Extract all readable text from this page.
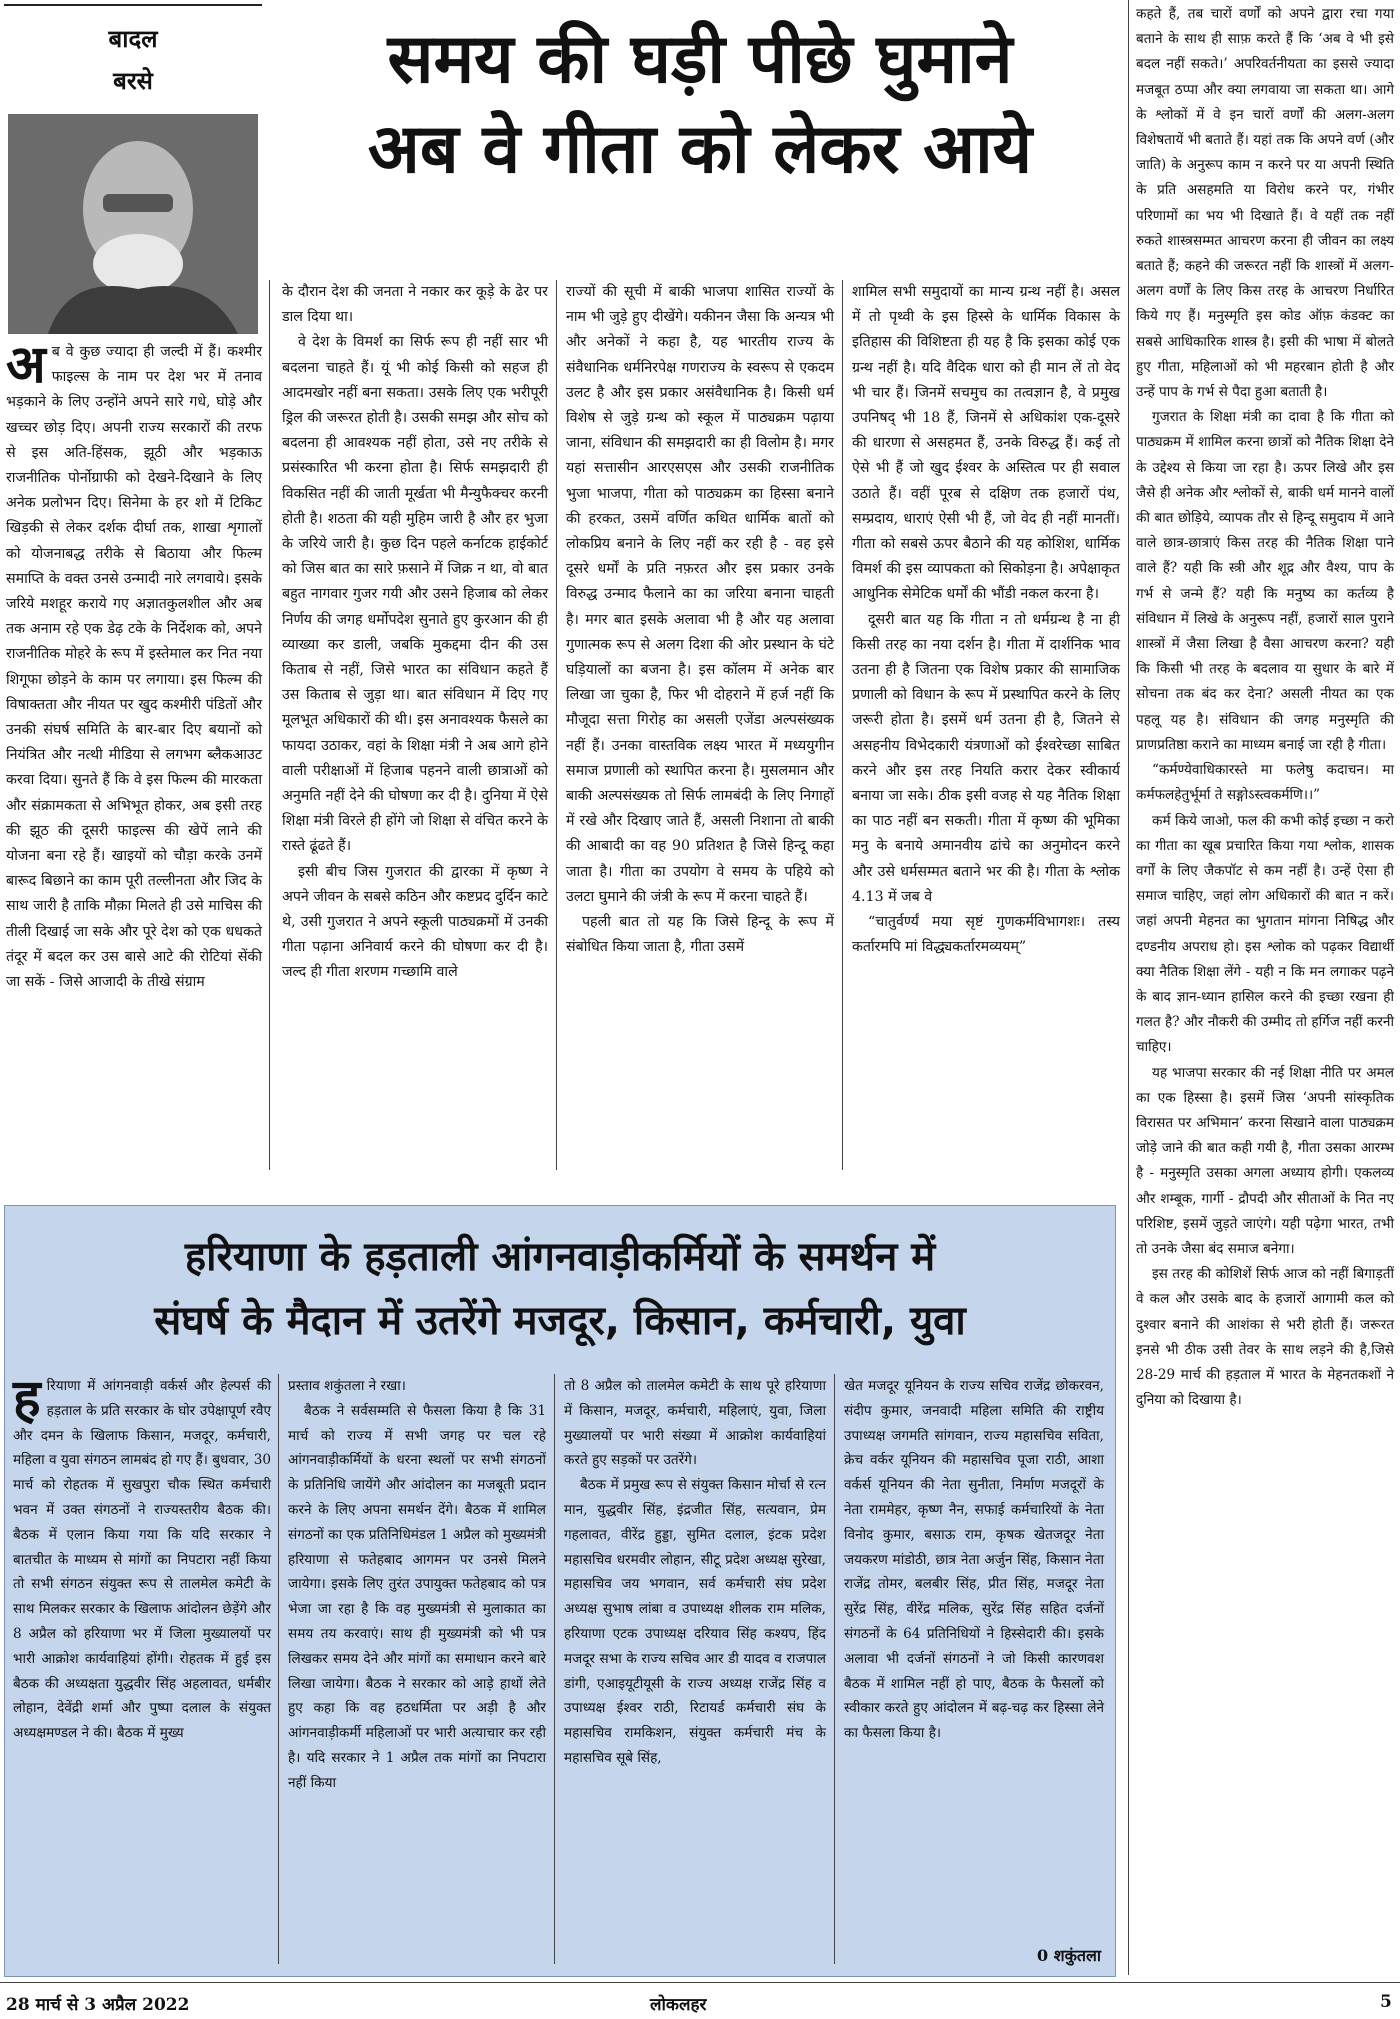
बादल
बरसे	समय की घड़ी पीछे घुमाने
अब वे गीता को लेकर आये
अ ब वे कुछ ज्यादा ही जल्दी में हैं। कश्मीर फाइल्स के नाम पर देश भर में तनाव भड़काने के लिए उन्होंने अपने सारे गधे, घोड़े और खच्चर छोड़ दिए। अपनी राज्य सरकारों की तरफ से इस अति-हिंसक, झूठी और भड़काऊ राजनीतिक पोर्नोग्राफी को देखने-दिखाने के लिए अनेक प्रलोभन दिए। सिनेमा के हर शो में टिकिट खिड़की से लेकर दर्शक दीर्घा तक, शाखा शृगालों को योजनाबद्ध तरीके से बिठाया और फिल्म समाप्ति के वक्त उनसे उन्मादी नारे लगवाये। इसके जरिये मशहूर कराये गए अज्ञातकुलशील और अब तक अनाम रहे एक डेढ़ टके के निर्देशक को, अपने राजनीतिक मोहरे के रूप में इस्तेमाल कर नित नया शिगूफा छोड़ने के काम पर लगाया। इस फिल्म की विषाक्तता और नीयत पर खुद कश्मीरी पंडितों और उनकी संघर्ष समिति के बार-बार दिए बयानों को नियंत्रित और नत्थी मीडिया से लगभग ब्लैकआउट करवा दिया। सुनते हैं कि वे इस फिल्म की मारकता और संक्रामकता से अभिभूत होकर, अब इसी तरह की झूठ की दूसरी फाइल्स की खेपें लाने की योजना बना रहे हैं। खाइयों को चौड़ा करके उनमें बारूद बिछाने का काम पूरी तल्लीनता और जिद के साथ जारी है ताकि मौक़ा मिलते ही उसे माचिस की तीली दिखाई जा सके और पूरे देश को एक धधकते तंदूर में बदल कर उस बासे आटे की रोटियां सेंकी जा सकें - जिसे आजादी के तीखे संग्राम

के दौरान देश की जनता ने नकार कर कूड़े के ढेर पर डाल दिया था।

वे देश के विमर्श का सिर्फ रूप ही नहीं सार भी बदलना चाहते हैं। यूं भी कोई किसी को सहज ही आदमखोर नहीं बना सकता। उसके लिए एक भरीपूरी ड्रिल की जरूरत होती है। उसकी समझ और सोच को बदलना ही आवश्यक नहीं होता, उसे नए तरीके से प्रसंस्कारित भी करना होता है। सिर्फ समझदारी ही विकसित नहीं की जाती मूर्खता भी मैन्युफैक्चर करनी होती है। शठता की यही मुहिम जारी है और हर भुजा के जरिये जारी है। कुछ दिन पहले कर्नाटक हाईकोर्ट को जिस बात का सारे फ़साने में जिक्र न था, वो बात बहुत नागवार गुजर गयी और उसने हिजाब को लेकर निर्णय की जगह धर्मोपदेश सुनाते हुए कुरआन की ही व्याख्या कर डाली, जबकि मुकद्दमा दीन की उस किताब से नहीं, जिसे भारत का संविधान कहते हैं उस किताब से जुड़ा था। बात संविधान में दिए गए मूलभूत अधिकारों की थी। इस अनावश्यक फैसले का फायदा उठाकर, वहां के शिक्षा मंत्री ने अब आगे होने वाली परीक्षाओं में हिजाब पहनने वाली छात्राओं को अनुमति नहीं देने की घोषणा कर दी है। दुनिया में ऐसे शिक्षा मंत्री विरले ही होंगे जो शिक्षा से वंचित करने के रास्ते ढूंढते हैं।

इसी बीच जिस गुजरात की द्वारका में कृष्ण ने अपने जीवन के सबसे कठिन और कष्टप्रद दुर्दिन काटे थे, उसी गुजरात ने अपने स्कूली पाठ्यक्रमों में उनकी गीता पढ़ाना अनिवार्य करने की घोषणा कर दी है। जल्द ही गीता शरणम गच्छामि वाले

राज्यों की सूची में बाकी भाजपा शासित राज्यों के नाम भी जुड़े हुए दीखेंगे। यकीनन जैसा कि अन्यत्र भी और अनेकों ने कहा है, यह भारतीय राज्य के संवैधानिक धर्मनिरपेक्ष गणराज्य के स्वरूप से एकदम उलट है और इस प्रकार असंवैधानिक है। किसी धर्म विशेष से जुड़े ग्रन्थ को स्कूल में पाठ्यक्रम पढ़ाया जाना, संविधान की समझदारी का ही विलोम है। मगर यहां सत्तासीन आरएसएस और उसकी राजनीतिक भुजा भाजपा, गीता को पाठ्यक्रम का हिस्सा बनाने की हरकत, उसमें वर्णित कथित धार्मिक बातों को लोकप्रिय बनाने के लिए नहीं कर रही है - वह इसे दूसरे धर्मों के प्रति नफ़रत और इस प्रकार उनके विरुद्ध उन्माद फैलाने का का जरिया बनाना चाहती है। मगर बात इसके अलावा भी है और यह अलावा गुणात्मक रूप से अलग दिशा की ओर प्रस्थान के घंटे घड़ियालों का बजना है। इस कॉलम में अनेक बार लिखा जा चुका है, फिर भी दोहराने में हर्ज नहीं कि मौजूदा सत्ता गिरोह का असली एजेंडा अल्पसंख्यक नहीं हैं। उनका वास्तविक लक्ष्य भारत में मध्ययुगीन समाज प्रणाली को स्थापित करना है। मुसलमान और बाकी अल्पसंख्यक तो सिर्फ लामबंदी के लिए निगाहों में रखे और दिखाए जाते हैं, असली निशाना तो बाकी की आबादी का वह 90 प्रतिशत है जिसे हिन्दू कहा जाता है। गीता का उपयोग वे समय के पहिये को उलटा घुमाने की जंत्री के रूप में करना चाहते हैं।

पहली बात तो यह कि जिसे हिन्दू के रूप में संबोधित किया जाता है, गीता उसमें

शामिल सभी समुदायों का मान्य ग्रन्थ नहीं है। असल में तो पृथ्वी के इस हिस्से के धार्मिक विकास के इतिहास की विशिष्टता ही यह है कि इसका कोई एक ग्रन्थ नहीं है। यदि वैदिक धारा को ही मान लें तो वेद भी चार हैं। जिनमें सचमुच का तत्वज्ञान है, वे प्रमुख उपनिषद् भी 18 हैं, जिनमें से अधिकांश एक-दूसरे की धारणा से असहमत हैं, उनके विरुद्ध हैं। कई तो ऐसे भी हैं जो खुद ईश्वर के अस्तित्व पर ही सवाल उठाते हैं। वहीं पूरब से दक्षिण तक हजारों पंथ, सम्प्रदाय, धाराएं ऐसी भी हैं, जो वेद ही नहीं मानतीं। गीता को सबसे ऊपर बैठाने की यह कोशिश, धार्मिक विमर्श की इस व्यापकता को सिकोड़ना है। अपेक्षाकृत आधुनिक सेमेटिक धर्मों की भौंडी नकल करना है।

दूसरी बात यह कि गीता न तो धर्मग्रन्थ है ना ही किसी तरह का नया दर्शन है। गीता में दार्शनिक भाव उतना ही है जितना एक विशेष प्रकार की सामाजिक प्रणाली को विधान के रूप में प्रस्थापित करने के लिए जरूरी होता है। इसमें धर्म उतना ही है, जितने से असहनीय विभेदकारी यंत्रणाओं को ईश्वरेच्छा साबित करने और इस तरह नियति करार देकर स्वीकार्य बनाया जा सके। ठीक इसी वजह से यह नैतिक शिक्षा का पाठ नहीं बन सकती। गीता में कृष्ण की भूमिका मनु के बनाये अमानवीय ढांचे का अनुमोदन करने और उसे धर्मसम्मत बताने भर की है। गीता के श्लोक 4.13 में जब वे

“चातुर्वर्ण्यं मया सृष्टं गुणकर्मविभागशः। तस्य कर्तारमपि मां विद्ध्यकर्तारमव्ययम्”

कहते हैं, तब चारों वर्णों को अपने द्वारा रचा गया बताने के साथ ही साफ़ करते हैं कि ‘अब वे भी इसे बदल नहीं सकते।’ अपरिवर्तनीयता का इससे ज्यादा मजबूत ठप्पा और क्या लगवाया जा सकता था। आगे के श्लोकों में वे इन चारों वर्णों की अलग-अलग विशेषतायें भी बताते हैं। यहां तक कि अपने वर्ण (और जाति) के अनुरूप काम न करने पर या अपनी स्थिति के प्रति असहमति या विरोध करने पर, गंभीर परिणामों का भय भी दिखाते हैं। वे यहीं तक नहीं रुकते शास्त्रसम्मत आचरण करना ही जीवन का लक्ष्य बताते हैं; कहने की जरूरत नहीं कि शास्त्रों में अलग-अलग वर्णों के लिए किस तरह के आचरण निर्धारित किये गए हैं। मनुस्मृति इस कोड ऑफ़ कंडक्ट का सबसे आधिकारिक शास्त्र है। इसी की भाषा में बोलते हुए गीता, महिलाओं को भी महरबान होती है और उन्हें पाप के गर्भ से पैदा हुआ बताती है।

गुजरात के शिक्षा मंत्री का दावा है कि गीता को पाठ्यक्रम में शामिल करना छात्रों को नैतिक शिक्षा देने के उद्देश्य से किया जा रहा है। ऊपर लिखे और इस जैसे ही अनेक और श्लोकों से, बाकी धर्म मानने वालों की बात छोड़िये, व्यापक तौर से हिन्दू समुदाय में आने वाले छात्र-छात्राएं किस तरह की नैतिक शिक्षा पाने वाले हैं? यही कि स्त्री और शूद्र और वैश्य, पाप के गर्भ से जन्मे हैं? यही कि मनुष्य का कर्तव्य है संविधान में लिखे के अनुरूप नहीं, हजारों साल पुराने शास्त्रों में जैसा लिखा है वैसा आचरण करना? यही कि किसी भी तरह के बदलाव या सुधार के बारे में सोचना तक बंद कर देना? असली नीयत का एक पहलू यह है। संविधान की जगह मनुस्मृति की प्राणप्रतिष्ठा कराने का माध्यम बनाई जा रही है गीता।

“कर्मण्येवाधिकारस्ते मा फलेषु कदाचन। मा कर्मफलहेतुर्भूर्मा ते सङ्गोऽस्त्वकर्मणि।।”

कर्म किये जाओ, फल की कभी कोई इच्छा न करो का गीता का खूब प्रचारित किया गया श्लोक, शासक वर्गों के लिए जैकपॉट से कम नहीं है। उन्हें ऐसा ही समाज चाहिए, जहां लोग अधिकारों की बात न करें। जहां अपनी मेहनत का भुगतान मांगना निषिद्ध और दण्डनीय अपराध हो। इस श्लोक को पढ़कर विद्यार्थी क्या नैतिक शिक्षा लेंगे - यही न कि मन लगाकर पढ़ने के बाद ज्ञान-ध्यान हासिल करने की इच्छा रखना ही गलत है? और नौकरी की उम्मीद तो हर्गिज नहीं करनी चाहिए।

यह भाजपा सरकार की नई शिक्षा नीति पर अमल का एक हिस्सा है। इसमें जिस ‘अपनी सांस्कृतिक विरासत पर अभिमान’ करना सिखाने वाला पाठ्यक्रम जोड़े जाने की बात कही गयी है, गीता उसका आरम्भ है - मनुस्मृति उसका अगला अध्याय होगी। एकलव्य और शम्बूक, गार्गी - द्रौपदी और सीताओं के नित नए परिशिष्ट, इसमें जुड़ते जाएंगे। यही पढ़ेगा भारत, तभी तो उनके जैसा बंद समाज बनेगा।

इस तरह की कोशिशें सिर्फ आज को नहीं बिगाड़तीं वे कल और उसके बाद के हजारों आगामी कल को दुश्वार बनाने की आशंका से भरी होती हैं। जरूरत इनसे भी ठीक उसी तेवर के साथ लड़ने की है,जिसे 28-29 मार्च की हड़ताल में भारत के मेहनतकशों ने दुनिया को दिखाया है।

हरियाणा के हड़ताली आंगनवाड़ीकर्मियों के समर्थन में
संघर्ष के मैदान में उतरेंगे मजदूर, किसान, कर्मचारी, युवा
ह रियाणा में आंगनवाड़ी वर्कर्स और हेल्पर्स की हड़ताल के प्रति सरकार के घोर उपेक्षापूर्ण रवैए और दमन के खिलाफ किसान, मजदूर, कर्मचारी, महिला व युवा संगठन लामबंद हो गए हैं। बुधवार, 30 मार्च को रोहतक में सुखपुरा चौक स्थित कर्मचारी भवन में उक्त संगठनों ने राज्यस्तरीय बैठक की। बैठक में एलान किया गया कि यदि सरकार ने बातचीत के माध्यम से मांगों का निपटारा नहीं किया तो सभी संगठन संयुक्त रूप से तालमेल कमेटी के साथ मिलकर सरकार के खिलाफ आंदोलन छेड़ेंगे और 8 अप्रैल को हरियाणा भर में जिला मुख्यालयों पर भारी आक्रोश कार्यवाहियां होंगी। रोहतक में हुई इस बैठक की अध्यक्षता युद्धवीर सिंह अहलावत, धर्मबीर लोहान, देवेंद्री शर्मा और पुष्पा दलाल के संयुक्त अध्यक्षमण्डल ने की। बैठक में मुख्य

प्रस्ताव शकुंतला ने रखा।

बैठक ने सर्वसम्मति से फैसला किया है कि 31 मार्च को राज्य में सभी जगह पर चल रहे आंगनवाड़ीकर्मियों के धरना स्थलों पर सभी संगठनों के प्रतिनिधि जायेंगे और आंदोलन का मजबूती प्रदान करने के लिए अपना समर्थन देंगे। बैठक में शामिल संगठनों का एक प्रतिनिधिमंडल 1 अप्रैल को मुख्यमंत्री हरियाणा से फतेहबाद आगमन पर उनसे मिलने जायेगा। इसके लिए तुरंत उपायुक्त फतेहबाद को पत्र भेजा जा रहा है कि वह मुख्यमंत्री से मुलाकात का समय तय करवाएं। साथ ही मुख्यमंत्री को भी पत्र लिखकर समय देने और मांगों का समाधान करने बारे लिखा जायेगा। बैठक ने सरकार को आड़े हाथों लेते हुए कहा कि वह हठधर्मिता पर अड़ी है और आंगनवाड़ीकर्मी महिलाओं पर भारी अत्याचार कर रही है। यदि सरकार ने 1 अप्रैल तक मांगों का निपटारा नहीं किया

तो 8 अप्रैल को तालमेल कमेटी के साथ पूरे हरियाणा में किसान, मजदूर, कर्मचारी, महिलाएं, युवा, जिला मुख्यालयों पर भारी संख्या में आक्रोश कार्यवाहियां करते हुए सड़कों पर उतरेंगे।

बैठक में प्रमुख रूप से संयुक्त किसान मोर्चा से रत्न मान, युद्धवीर सिंह, इंद्रजीत सिंह, सत्यवान, प्रेम गहलावत, वीरेंद्र हुड्डा, सुमित दलाल, इंटक प्रदेश महासचिव धरमवीर लोहान, सीटू प्रदेश अध्यक्ष सुरेखा, महासचिव जय भगवान, सर्व कर्मचारी संघ प्रदेश अध्यक्ष सुभाष लांबा व उपाध्यक्ष शीलक राम मलिक, हरियाणा एटक उपाध्यक्ष दरियाव सिंह कश्यप, हिंद मजदूर सभा के राज्य सचिव आर डी यादव व राजपाल डांगी, एआइयूटीयूसी के राज्य अध्यक्ष राजेंद्र सिंह व उपाध्यक्ष ईश्वर राठी, रिटायर्ड कर्मचारी संघ के महासचिव रामकिशन, संयुक्त कर्मचारी मंच के महासचिव सूबे सिंह,

खेत मजदूर यूनियन के राज्य सचिव राजेंद्र छोकरवन, संदीप कुमार, जनवादी महिला समिति की राष्ट्रीय उपाध्यक्ष जगमति सांगवान, राज्य महासचिव सविता, क्रेच वर्कर यूनियन की महासचिव पूजा राठी, आशा वर्कर्स यूनियन की नेता सुनीता, निर्माण मजदूरों के नेता राममेहर, कृष्ण नैन, सफाई कर्मचारियों के नेता विनोद कुमार, बसाऊ राम, कृषक खेतजदूर नेता जयकरण मांडोठी, छात्र नेता अर्जुन सिंह, किसान नेता राजेंद्र तोमर, बलबीर सिंह, प्रीत सिंह, मजदूर नेता सुरेंद्र सिंह, वीरेंद्र मलिक, सुरेंद्र सिंह सहित दर्जनों संगठनों के 64 प्रतिनिधियों ने हिस्सेदारी की। इसके अलावा भी दर्जनों संगठनों ने जो किसी कारणवश बैठक में शामिल नहीं हो पाए, बैठक के फैसलों को स्वीकार करते हुए आंदोलन में बढ़-चढ़ कर हिस्सा लेने का फैसला किया है।

0 शकुंतला
28 मार्च से 3 अप्रैल 2022	लोकलहर	5
